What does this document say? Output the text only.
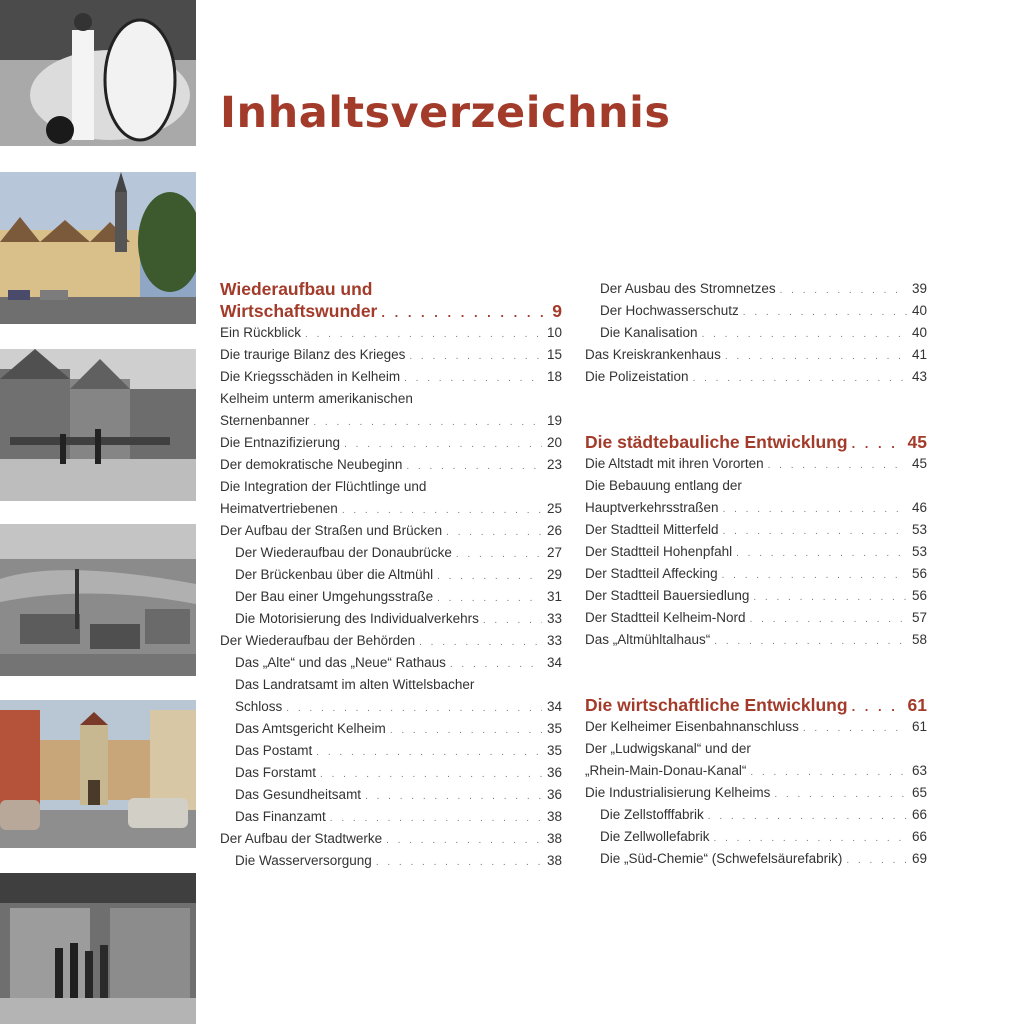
Inhaltsverzeichnis
Wiederaufbau und
Wirtschaftswunder . . .	9
Ein Rückblick . . .	10
Die traurige Bilanz des Krieges . . .	15
Die Kriegsschäden in Kelheim . . .	18
Kelheim unterm amerikanischen
Sternenbanner . . .	19
Die Entnazifizierung . . .	20
Der demokratische Neubeginn . . .	23
Die Integration der Flüchtlinge und
Heimatvertriebenen . . .	25
Der Aufbau der Straßen und Brücken . . .	26
Der Wiederaufbau der Donaubrücke . . .	27
Der Brückenbau über die Altmühl . . .	29
Der Bau einer Umgehungsstraße . . .	31
Die Motorisierung des Individualverkehrs . . .	33
Der Wiederaufbau der Behörden . . .	33
Das „Alte“ und das „Neue“ Rathaus . . .	34
Das Landratsamt im alten Wittelsbacher
Schloss . . .	34
Das Amtsgericht Kelheim . . .	35
Das Postamt . . .	35
Das Forstamt . . .	36
Das Gesundheitsamt . . .	36
Das Finanzamt . . .	38
Der Aufbau der Stadtwerke . . .	38
Die Wasserversorgung . . .	38
Der Ausbau des Stromnetzes . . .	39
Der Hochwasserschutz . . .	40
Die Kanalisation . . .	40
Das Kreiskrankenhaus . . .	41
Die Polizeistation . . .	43
Die städtebauliche Entwicklung . . .	45
Die Altstadt mit ihren Vororten . . .	45
Die Bebauung entlang der
Hauptverkehrsstraßen . . .	46
Der Stadtteil Mitterfeld . . .	53
Der Stadtteil Hohenpfahl . . .	53
Der Stadtteil Affecking . . .	56
Der Stadtteil Bauersiedlung . . .	56
Der Stadtteil Kelheim-Nord . . .	57
Das „Altmühltalhaus“ . . .	58
Die wirtschaftliche Entwicklung . . .	61
Der Kelheimer Eisenbahnanschluss . . .	61
Der „Ludwigskanal“ und der
„Rhein-Main-Donau-Kanal“ . . .	63
Die Industrialisierung Kelheims . . .	65
Die Zellstofffabrik . . .	66
Die Zellwollefabrik . . .	66
Die „Süd-Chemie“ (Schwefelsäurefabrik) . . .	69
